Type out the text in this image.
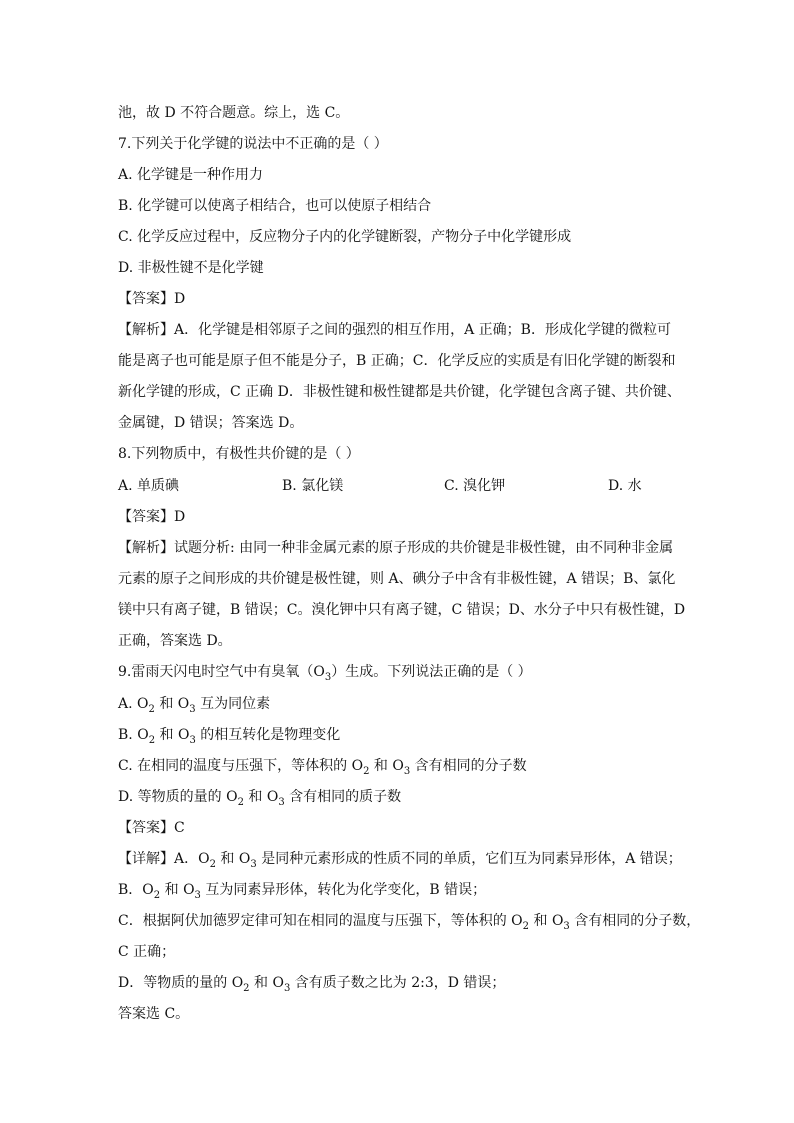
池，故 D 不符合题意。综上，选 C。
7.下列关于化学键的说法中不正确的是（ ）
A. 化学键是一种作用力
B. 化学键可以使离子相结合，也可以使原子相结合
C. 化学反应过程中，反应物分子内的化学键断裂，产物分子中化学键形成
D. 非极性键不是化学键
【答案】D
【解析】A．化学键是相邻原子之间的强烈的相互作用，A 正确；B．形成化学键的微粒可
能是离子也可能是原子但不能是分子，B 正确；C．化学反应的实质是有旧化学键的断裂和
新化学键的形成，C 正确 D．非极性键和极性键都是共价键，化学键包含离子键、共价键、
金属键，D 错误；答案选 D。
8.下列物质中，有极性共价键的是（ ）
A. 单质碘	B. 氯化镁	C. 溴化钾	D. 水
【答案】D
【解析】试题分析: 由同一种非金属元素的原子形成的共价键是非极性键，由不同种非金属
元素的原子之间形成的共价键是极性键，则 A、碘分子中含有非极性键，A 错误；B、氯化
镁中只有离子键，B 错误；C。溴化钾中只有离子键，C 错误；D、水分子中只有极性键，D
正确，答案选 D。
9.雷雨天闪电时空气中有臭氧$(O_3)$生成。下列说法正确的是（ ）
A. $O_2$ 和 $O_3$ 互为同位素
B. $O_2$ 和 $O_3$ 的相互转化是物理变化
C. 在相同的温度与压强下，等体积的 $O_2$ 和 $O_3$ 含有相同的分子数
D. 等物质的量的 $O_2$ 和 $O_3$ 含有相同的质子数
【答案】C
【详解】A．$O_2$ 和 $O_3$ 是同种元素形成的性质不同的单质，它们互为同素异形体，A 错误；
B．$O_2$ 和 $O_3$ 互为同素异形体，转化为化学变化，B 错误；
C．根据阿伏加德罗定律可知在相同的温度与压强下，等体积的 $O_2$ 和 $O_3$ 含有相同的分子数，
C 正确；
D．等物质的量的 $O_2$ 和 $O_3$ 含有质子数之比为 2:3，D 错误；
答案选 C。
